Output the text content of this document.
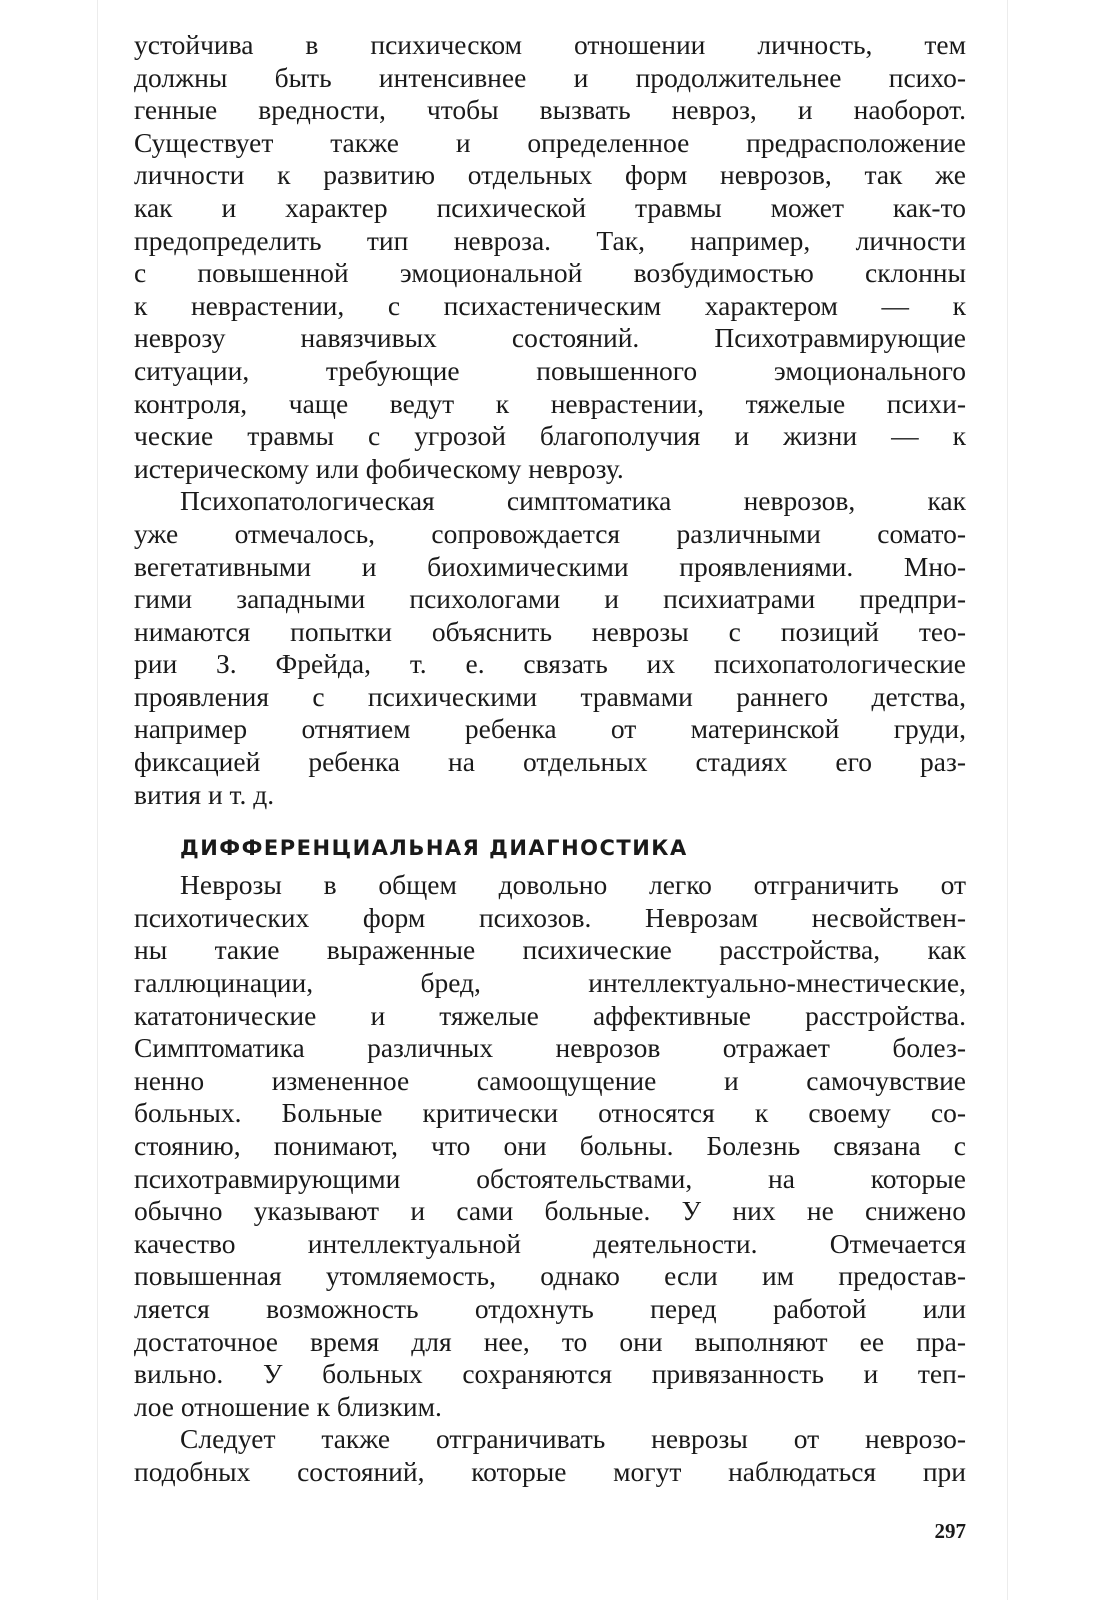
устойчива в психическом отношении личность, тем
должны быть интенсивнее и продолжительнее психо-
генные вредности, чтобы вызвать невроз, и наоборот.
Существует также и определенное предрасположение
личности к развитию отдельных форм неврозов, так же
как и характер психической травмы может как-то
предопределить тип невроза. Так, например, личности
с повышенной эмоциональной возбудимостью склонны
к неврастении, с психастеническим характером — к
неврозу навязчивых состояний. Психотравмирующие
ситуации, требующие повышенного эмоционального
контроля, чаще ведут к неврастении, тяжелые психи-
ческие травмы с угрозой благополучия и жизни — к
истерическому или фобическому неврозу.
Психопатологическая симптоматика неврозов, как
уже отмечалось, сопровождается различными сомато-
вегетативными и биохимическими проявлениями. Мно-
гими западными психологами и психиатрами предпри-
нимаются попытки объяснить неврозы с позиций тео-
рии З. Фрейда, т. е. связать их психопатологические
проявления с психическими травмами раннего детства,
например отнятием ребенка от материнской груди,
фиксацией ребенка на отдельных стадиях его раз-
вития и т. д.
ДИФФЕРЕНЦИАЛЬНАЯ ДИАГНОСТИКА
Неврозы в общем довольно легко отграничить от
психотических форм психозов. Неврозам несвойствен-
ны такие выраженные психические расстройства, как
галлюцинации, бред, интеллектуально-мнестические,
кататонические и тяжелые аффективные расстройства.
Симптоматика различных неврозов отражает болез-
ненно измененное самоощущение и самочувствие
больных. Больные критически относятся к своему со-
стоянию, понимают, что они больны. Болезнь связана с
психотравмирующими обстоятельствами, на которые
обычно указывают и сами больные. У них не снижено
качество интеллектуальной деятельности. Отмечается
повышенная утомляемость, однако если им предостав-
ляется возможность отдохнуть перед работой или
достаточное время для нее, то они выполняют ее пра-
вильно. У больных сохраняются привязанность и теп-
лое отношение к близким.
Следует также отграничивать неврозы от неврозо-
подобных состояний, которые могут наблюдаться при
297
